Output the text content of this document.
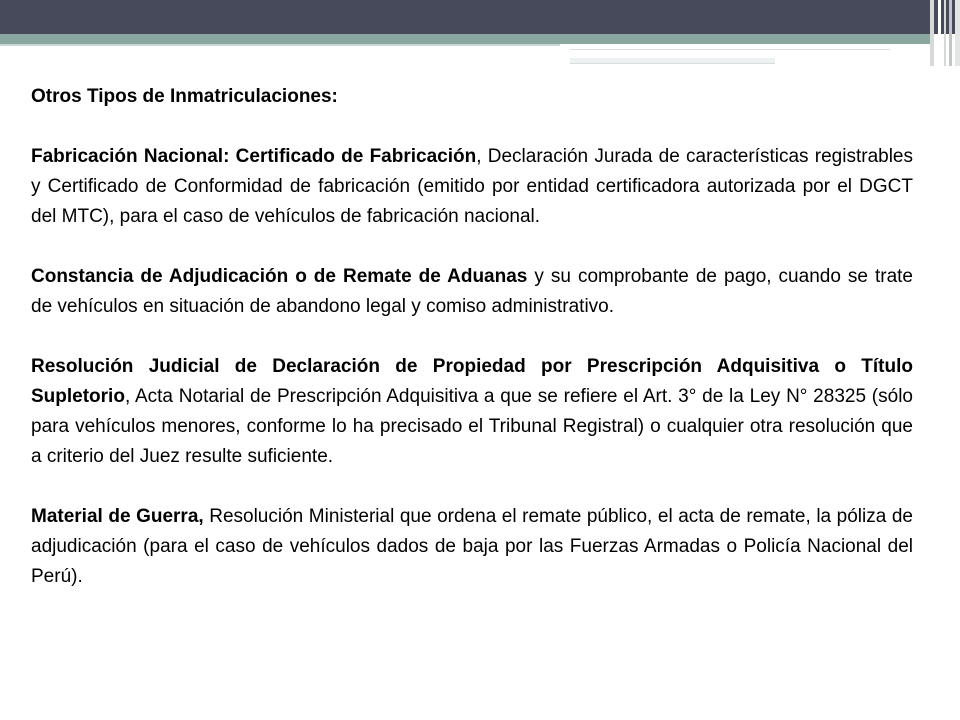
Otros Tipos de Inmatriculaciones:

Fabricación Nacional: Certificado de Fabricación, Declaración Jurada de características registrables y Certificado de Conformidad de fabricación (emitido por entidad certificadora autorizada por el DGCT del MTC), para el caso de vehículos de fabricación nacional.

Constancia de Adjudicación o de Remate de Aduanas y su comprobante de pago, cuando se trate de vehículos en situación de abandono legal y comiso administrativo.

Resolución Judicial de Declaración de Propiedad por Prescripción Adquisitiva o Título Supletorio, Acta Notarial de Prescripción Adquisitiva a que se refiere el Art. 3° de la Ley N° 28325 (sólo para vehículos menores, conforme lo ha precisado el Tribunal Registral) o cualquier otra resolución que a criterio del Juez resulte suficiente.

Material de Guerra, Resolución Ministerial que ordena el remate público, el acta de remate, la póliza de adjudicación (para el caso de vehículos dados de baja por las Fuerzas Armadas o Policía Nacional del Perú).
